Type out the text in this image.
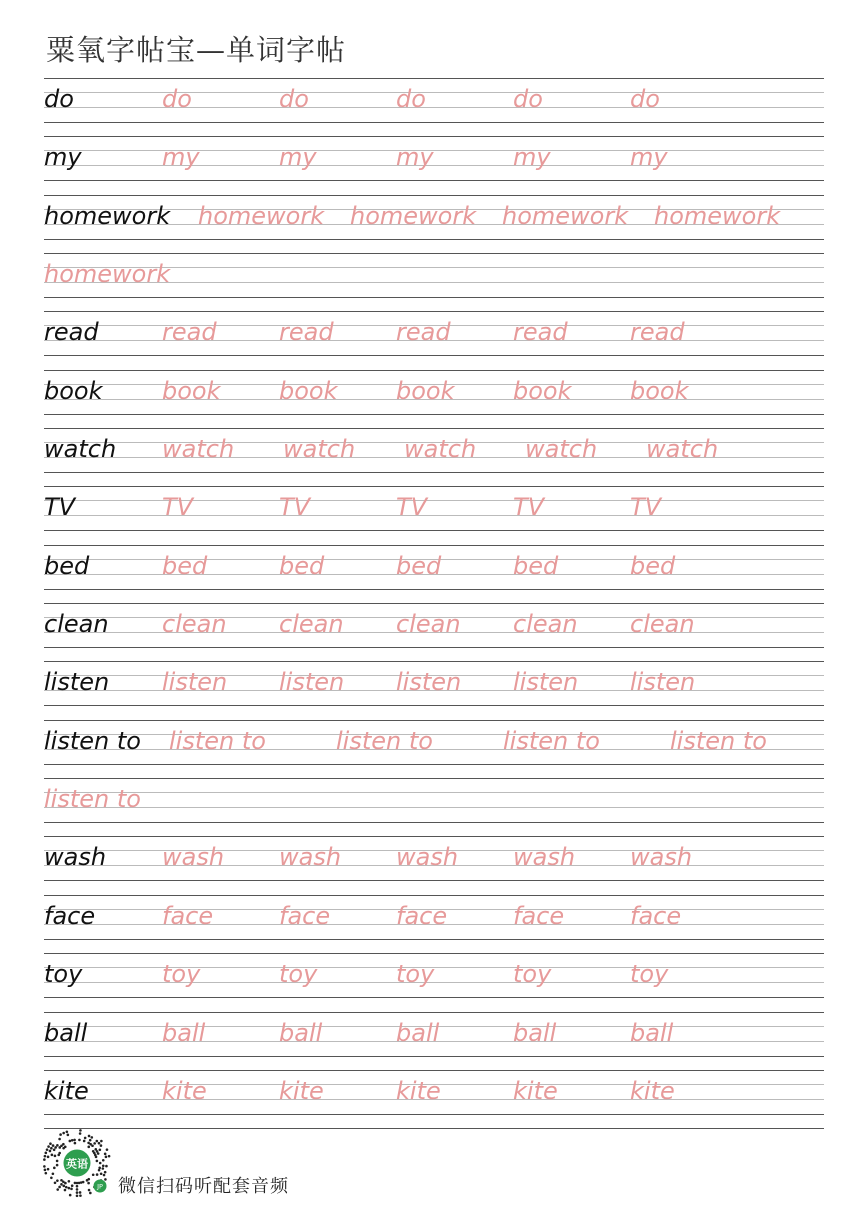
粟氧字帖宝—单词字帖
do	do	do	do	do	do
my	my	my	my	my	my
homework homework homework homework homework
homework
read	read	read	read	read	read
book book book book book book
watch watch watch watch watch watch
TV	TV	TV	TV	TV	TV
bed	bed	bed	bed	bed	bed
clean clean clean clean clean clean
listen listen listen listen listen listen
listen to listen to	listen to	listen to	listen to
listen to
wash wash wash wash wash wash
face	face	face	face	face	face
toy	toy	toy	toy	toy	toy
ball	ball	ball	ball	ball	ball
kite	kite	kite	kite	kite	kite
英语
JP 微信扫码听配套音频
